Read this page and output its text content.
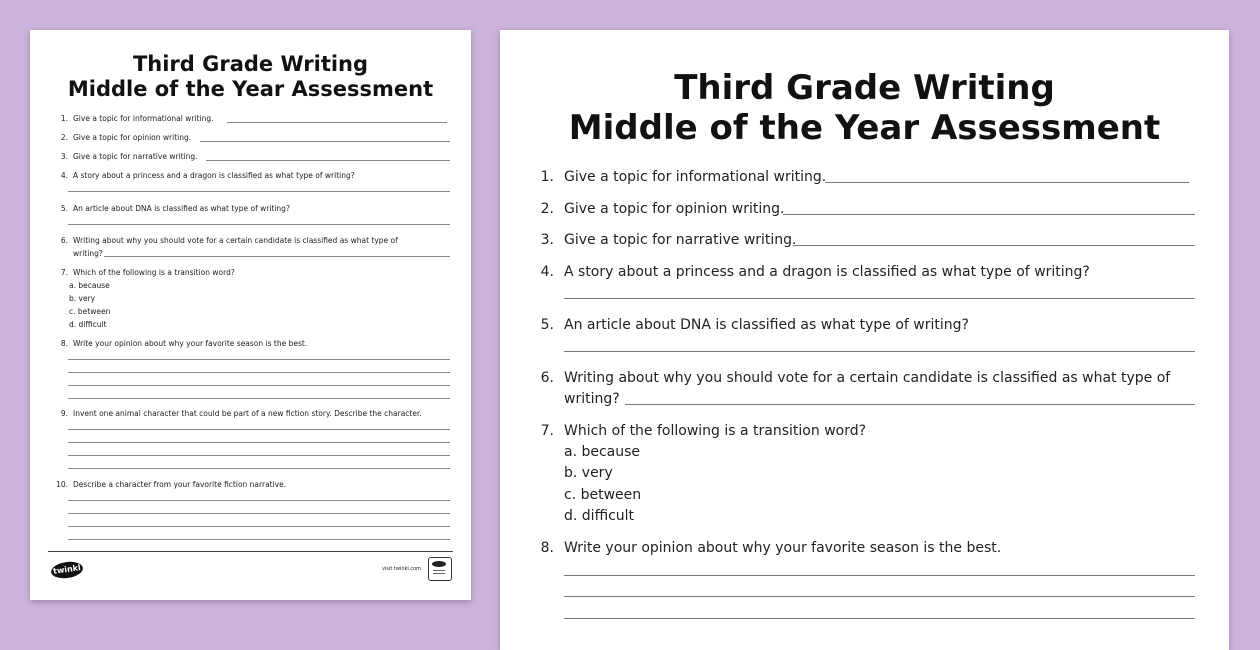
Third Grade Writing
Middle of the Year Assessment
1. Give a topic for informational writing.
2. Give a topic for opinion writing.
3. Give a topic for narrative writing.
4. A story about a princess and a dragon is classified as what type of writing?
5. An article about DNA is classified as what type of writing?
6. Writing about why you should vote for a certain candidate is classified as what type of
writing?
7. Which of the following is a transition word?
a. because
b. very
c. between
d. difficult
8. Write your opinion about why your favorite season is the best.
9. Invent one animal character that could be part of a new fiction story. Describe the character.
10. Describe a character from your favorite fiction narrative.
twinkl	visit twinkl.com
Third Grade Writing
Middle of the Year Assessment
1. Give a topic for informational writing.
2. Give a topic for opinion writing.
3. Give a topic for narrative writing.
4. A story about a princess and a dragon is classified as what type of writing?
5. An article about DNA is classified as what type of writing?
6. Writing about why you should vote for a certain candidate is classified as what type of
writing?
7. Which of the following is a transition word?
a. because
b. very
c. between
d. difficult
8. Write your opinion about why your favorite season is the best.
